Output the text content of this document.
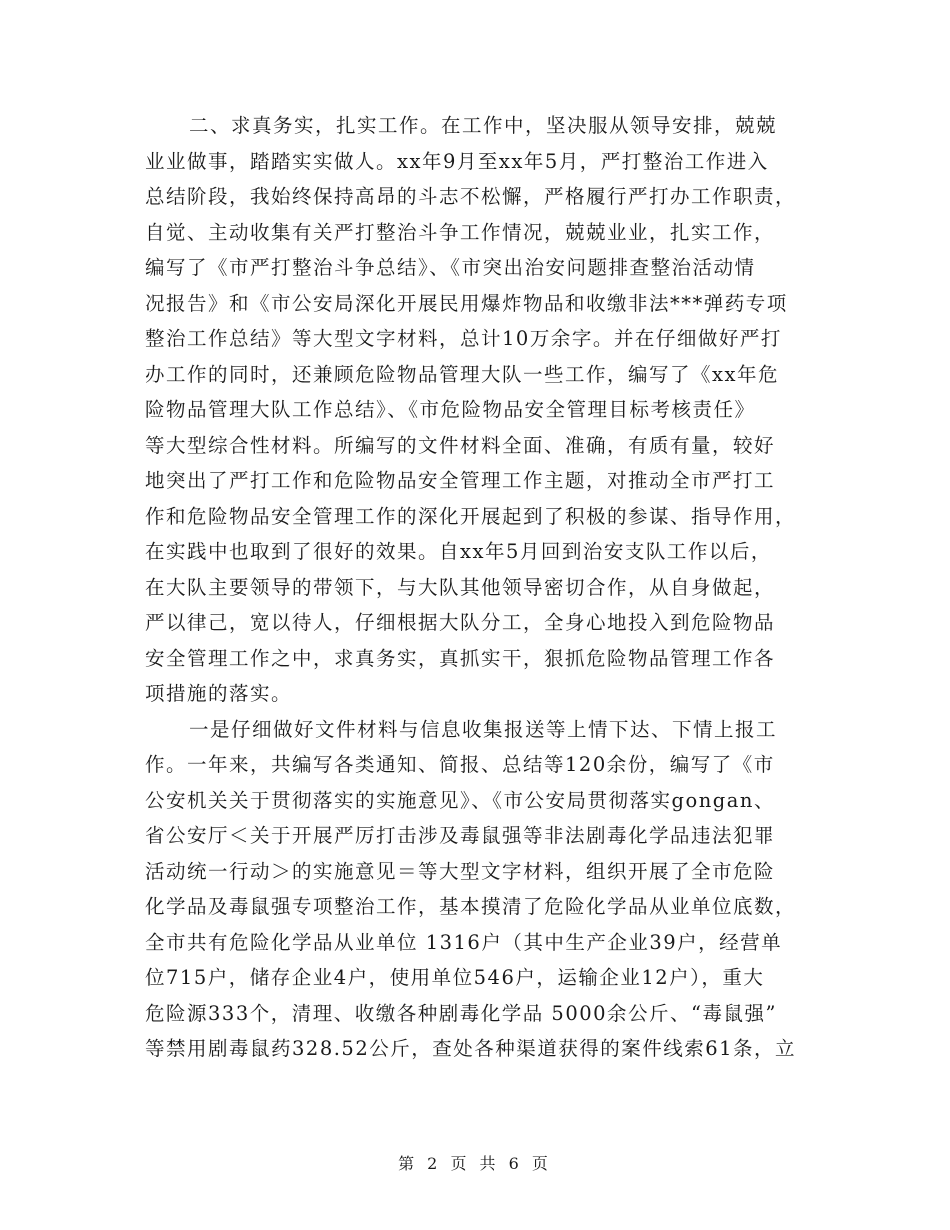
二、求真务实，扎实工作。在工作中，坚决服从领导安排，兢兢
业业做事，踏踏实实做人。xx年9月至xx年5月，严打整治工作进入
总结阶段，我始终保持高昂的斗志不松懈，严格履行严打办工作职责，
自觉、主动收集有关严打整治斗争工作情况，兢兢业业，扎实工作，
编写了《市严打整治斗争总结》、《市突出治安问题排查整治活动情
况报告》和《市公安局深化开展民用爆炸物品和收缴非法***弹药专项
整治工作总结》等大型文字材料，总计10万余字。并在仔细做好严打
办工作的同时，还兼顾危险物品管理大队一些工作，编写了《xx年危
险物品管理大队工作总结》、《市危险物品安全管理目标考核责任》
等大型综合性材料。所编写的文件材料全面、准确，有质有量，较好
地突出了严打工作和危险物品安全管理工作主题，对推动全市严打工
作和危险物品安全管理工作的深化开展起到了积极的参谋、指导作用，
在实践中也取到了很好的效果。自xx年5月回到治安支队工作以后，
在大队主要领导的带领下，与大队其他领导密切合作，从自身做起，
严以律己，宽以待人，仔细根据大队分工，全身心地投入到危险物品
安全管理工作之中，求真务实，真抓实干，狠抓危险物品管理工作各
项措施的落实。
一是仔细做好文件材料与信息收集报送等上情下达、下情上报工
作。一年来，共编写各类通知、简报、总结等120余份，编写了《市
公安机关关于贯彻落实的实施意见》、《市公安局贯彻落实gongan、
省公安厅＜关于开展严厉打击涉及毒鼠强等非法剧毒化学品违法犯罪
活动统一行动＞的实施意见＝等大型文字材料，组织开展了全市危险
化学品及毒鼠强专项整治工作，基本摸清了危险化学品从业单位底数，
全市共有危险化学品从业单位 1316户（其中生产企业39户，经营单
位715户，储存企业4户，使用单位546户，运输企业12户），重大
危险源333个，清理、收缴各种剧毒化学品 5000余公斤、“毒鼠强”
等禁用剧毒鼠药328.52公斤，查处各种渠道获得的案件线索61条，立
第 2 页 共 6 页
